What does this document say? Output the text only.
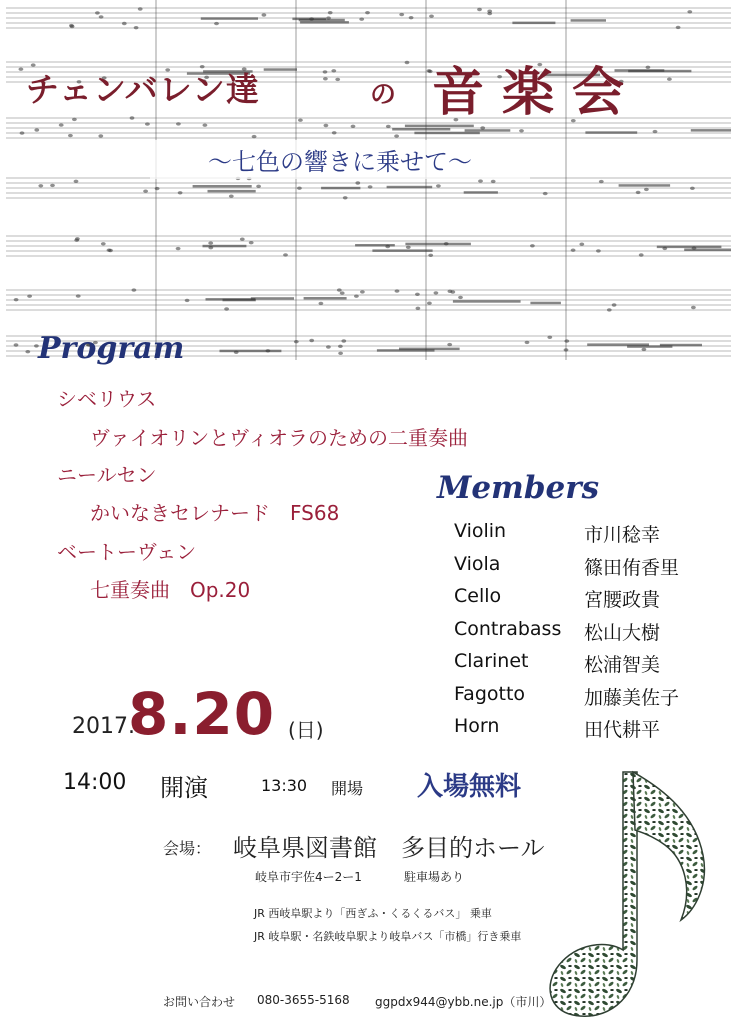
チェンバレン達	の 音楽会
～七色の響きに乗せて～
Program
シベリウス
ヴァイオリンとヴィオラのための二重奏曲
ニールセン
かいなきセレナード　FS68
ベートーヴェン
七重奏曲　Op.20
Members
Violin	市川稔幸
Viola	篠田侑香里
Cello	宮腰政貴
Contrabass 松山大樹
Clarinet	松浦智美
Fagotto	加藤美佐子
Horn	田代耕平
2017.
8.20 (日)
14:00 開演	13:30 開場 入場無料
会場： 岐阜県図書館　多目的ホール
岐阜市宇佐4ー2ー1	駐車場あり
JR 西岐阜駅より「西ぎふ・くるくるバス」 乗車
JR 岐阜駅・名鉄岐阜駅より岐阜バス「市橋」行き乗車
お問い合わせ 080-3655-5168 ggpdx944@ybb.ne.jp（市川）
